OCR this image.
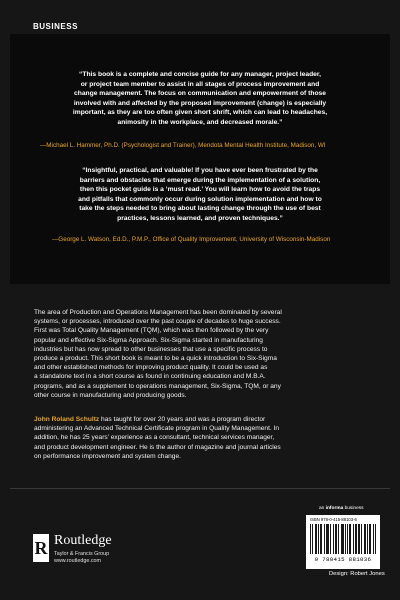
BUSINESS
“This book is a complete and concise guide for any manager, project leader,
or project team member to assist in all stages of process improvement and
change management. The focus on communication and empowerment of those
involved with and affected by the proposed improvement (change) is especially
important, as they are too often given short shrift, which can lead to headaches,
animosity in the workplace, and decreased morale.”
—Michael L. Hammer, Ph.D. (Psychologist and Trainer), Mendota Mental Health Institute, Madison, WI
“Insightful, practical, and valuable! If you have ever been frustrated by the
barriers and obstacles that emerge during the implementation of a solution,
then this pocket guide is a ‘must read.’ You will learn how to avoid the traps
and pitfalls that commonly occur during solution implementation and how to
take the steps needed to bring about lasting change through the use of best
practices, lessons learned, and proven techniques.”
—George L. Watson, Ed.D., P.M.P., Office of Quality Improvement, University of Wisconsin-Madison
The area of Production and Operations Management has been dominated by several
systems, or processes, introduced over the past couple of decades to huge success.
First was Total Quality Management (TQM), which was then followed by the very
popular and effective Six-Sigma Approach. Six-Sigma started in manufacturing
industries but has now spread to other businesses that use a specific process to
produce a product. This short book is meant to be a quick introduction to Six-Sigma
and other established methods for improving product quality. It could be used as
a standalone text in a short course as found in continuing education and M.B.A.
programs, and as a supplement to operations management, Six-Sigma, TQM, or any
other course in manufacturing and producing goods.
John Roland Schultz has taught for over 20 years and was a program director
administering an Advanced Technical Certificate program in Quality Management. In
addition, he has 25 years’ experience as a consultant, technical services manager,
and product development engineer. He is the author of magazine and journal articles
on performance improvement and system change.
R Routledge
Taylor & Francis Group
www.routledge.com
an informa business
ISBN 978-0-415-88103-6
9 780415 881036
Design: Robert Jones
